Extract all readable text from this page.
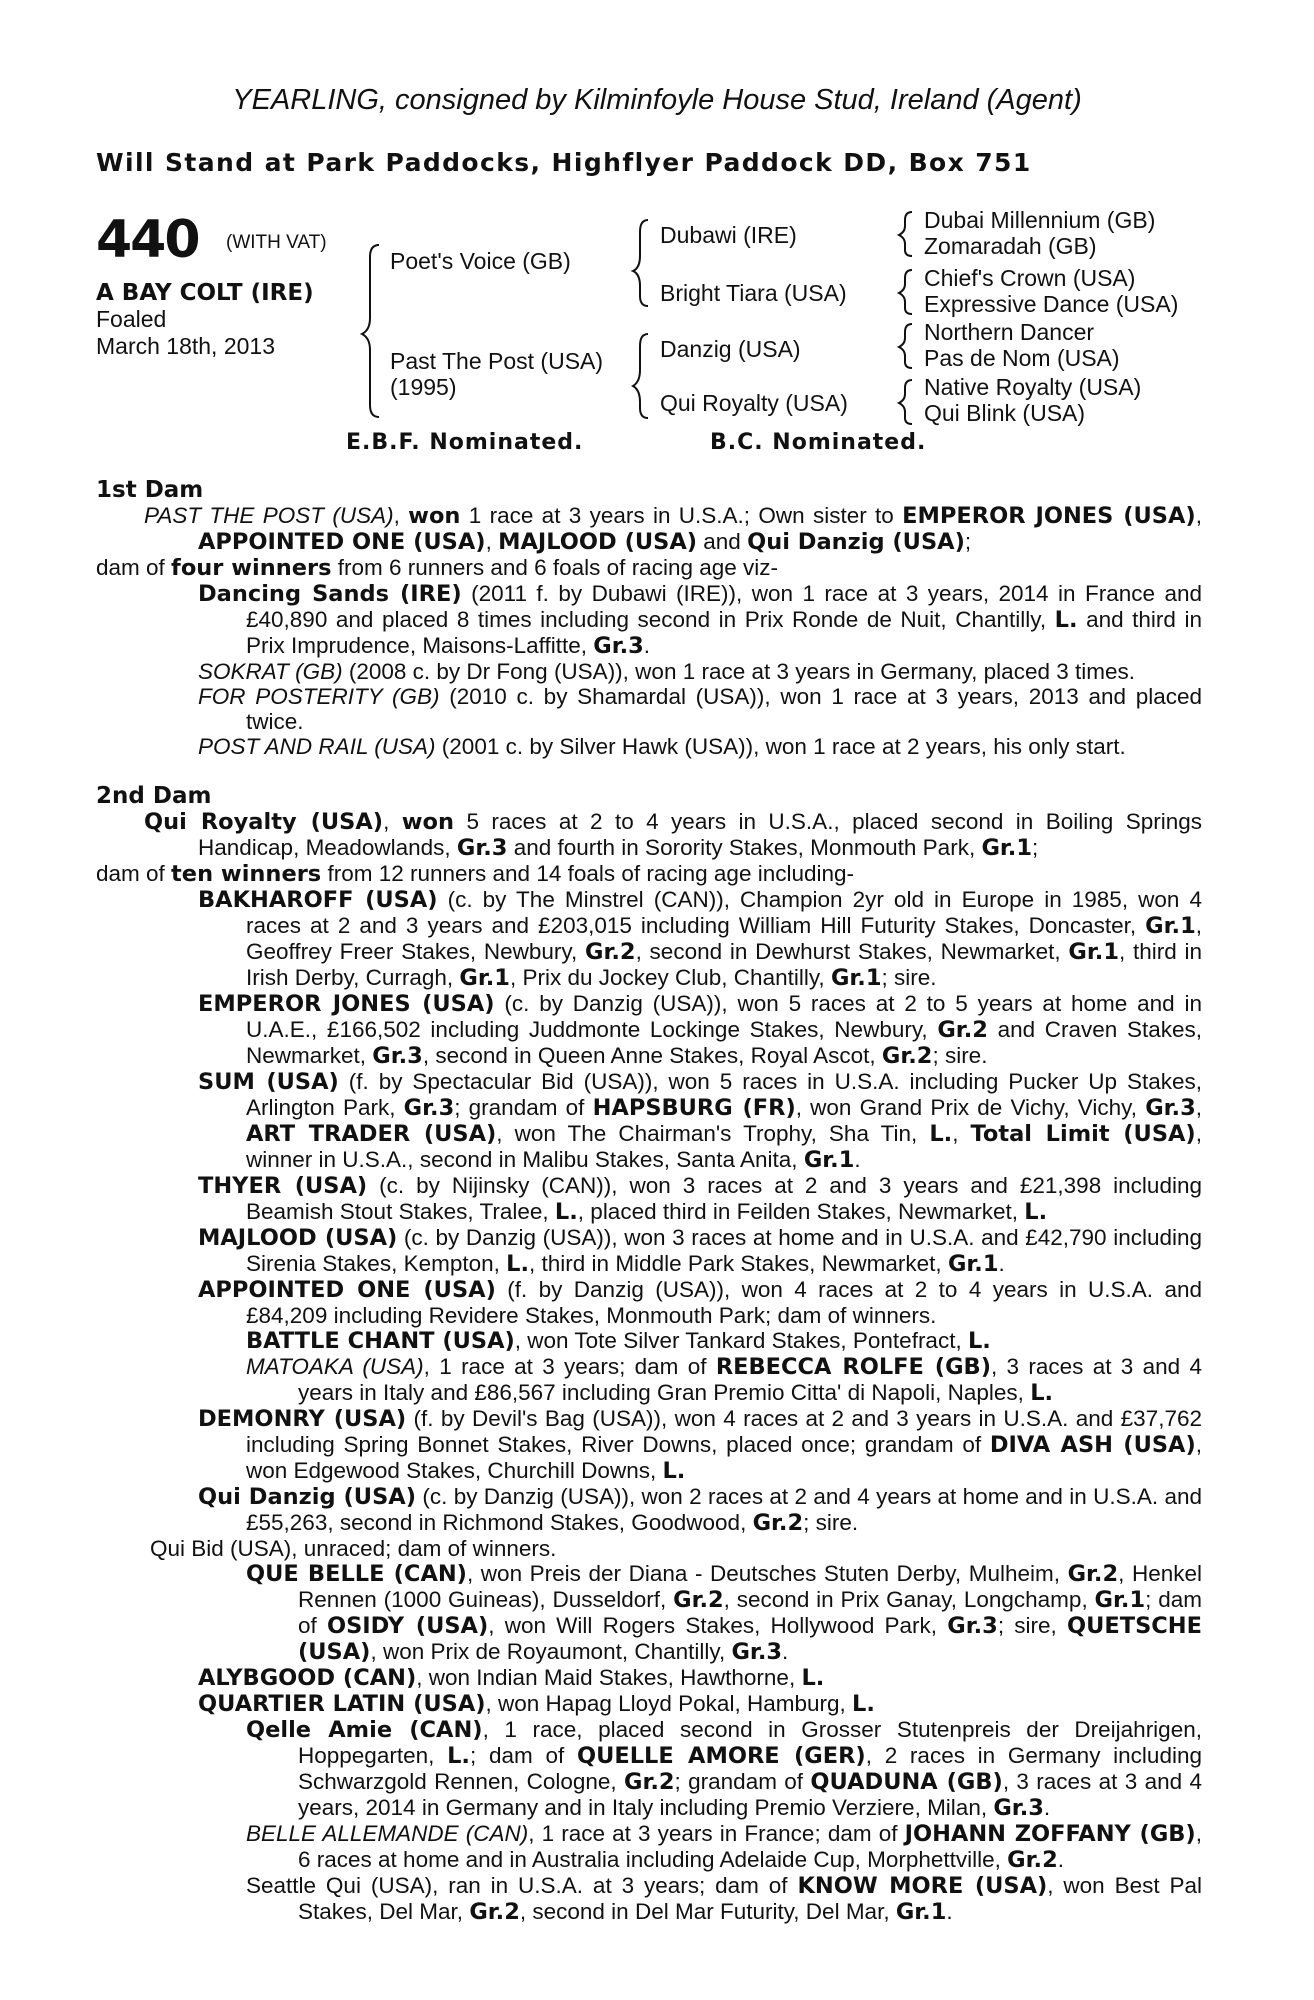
YEARLING, consigned by Kilminfoyle House Stud, Ireland (Agent)
Will Stand at Park Paddocks, Highflyer Paddock DD, Box 751
440 (WITH VAT)
A BAY COLT (IRE)
Foaled
March 18th, 2013
Poet's Voice (GB)
Past The Post (USA)
(1995)
Dubawi (IRE)
Bright Tiara (USA)
Danzig (USA)
Qui Royalty (USA)
Dubai Millennium (GB)
Zomaradah (GB)
Chief's Crown (USA)
Expressive Dance (USA)
Northern Dancer
Pas de Nom (USA)
Native Royalty (USA)
Qui Blink (USA)
E.B.F. Nominated.	B.C. Nominated.

1st Dam

PAST THE POST (USA), won 1 race at 3 years in U.S.A.; Own sister to EMPEROR JONES (USA), APPOINTED ONE (USA), MAJLOOD (USA) and Qui Danzig (USA);

dam of four winners from 6 runners and 6 foals of racing age viz-

Dancing Sands (IRE) (2011 f. by Dubawi (IRE)), won 1 race at 3 years, 2014 in France and £40,890 and placed 8 times including second in Prix Ronde de Nuit, Chantilly, L. and third in Prix Imprudence, Maisons-Laffitte, Gr.3.

SOKRAT (GB) (2008 c. by Dr Fong (USA)), won 1 race at 3 years in Germany, placed 3 times.

FOR POSTERITY (GB) (2010 c. by Shamardal (USA)), won 1 race at 3 years, 2013 and placed twice.

POST AND RAIL (USA) (2001 c. by Silver Hawk (USA)), won 1 race at 2 years, his only start.

2nd Dam

Qui Royalty (USA), won 5 races at 2 to 4 years in U.S.A., placed second in Boiling Springs Handicap, Meadowlands, Gr.3 and fourth in Sorority Stakes, Monmouth Park, Gr.1;

dam of ten winners from 12 runners and 14 foals of racing age including-

BAKHAROFF (USA) (c. by The Minstrel (CAN)), Champion 2yr old in Europe in 1985, won 4 races at 2 and 3 years and £203,015 including William Hill Futurity Stakes, Doncaster, Gr.1, Geoffrey Freer Stakes, Newbury, Gr.2, second in Dewhurst Stakes, Newmarket, Gr.1, third in Irish Derby, Curragh, Gr.1, Prix du Jockey Club, Chantilly, Gr.1; sire.

EMPEROR JONES (USA) (c. by Danzig (USA)), won 5 races at 2 to 5 years at home and in U.A.E., £166,502 including Juddmonte Lockinge Stakes, Newbury, Gr.2 and Craven Stakes, Newmarket, Gr.3, second in Queen Anne Stakes, Royal Ascot, Gr.2; sire.

SUM (USA) (f. by Spectacular Bid (USA)), won 5 races in U.S.A. including Pucker Up Stakes, Arlington Park, Gr.3; grandam of HAPSBURG (FR), won Grand Prix de Vichy, Vichy, Gr.3, ART TRADER (USA), won The Chairman's Trophy, Sha Tin, L., Total Limit (USA), winner in U.S.A., second in Malibu Stakes, Santa Anita, Gr.1.

THYER (USA) (c. by Nijinsky (CAN)), won 3 races at 2 and 3 years and £21,398 including Beamish Stout Stakes, Tralee, L., placed third in Feilden Stakes, Newmarket, L.

MAJLOOD (USA) (c. by Danzig (USA)), won 3 races at home and in U.S.A. and £42,790 including Sirenia Stakes, Kempton, L., third in Middle Park Stakes, Newmarket, Gr.1.

APPOINTED ONE (USA) (f. by Danzig (USA)), won 4 races at 2 to 4 years in U.S.A. and £84,209 including Revidere Stakes, Monmouth Park; dam of winners.

BATTLE CHANT (USA), won Tote Silver Tankard Stakes, Pontefract, L.

MATOAKA (USA), 1 race at 3 years; dam of REBECCA ROLFE (GB), 3 races at 3 and 4 years in Italy and £86,567 including Gran Premio Citta' di Napoli, Naples, L.

DEMONRY (USA) (f. by Devil's Bag (USA)), won 4 races at 2 and 3 years in U.S.A. and £37,762 including Spring Bonnet Stakes, River Downs, placed once; grandam of DIVA ASH (USA), won Edgewood Stakes, Churchill Downs, L.

Qui Danzig (USA) (c. by Danzig (USA)), won 2 races at 2 and 4 years at home and in U.S.A. and £55,263, second in Richmond Stakes, Goodwood, Gr.2; sire.

Qui Bid (USA), unraced; dam of winners.

QUE BELLE (CAN), won Preis der Diana - Deutsches Stuten Derby, Mulheim, Gr.2, Henkel Rennen (1000 Guineas), Dusseldorf, Gr.2, second in Prix Ganay, Longchamp, Gr.1; dam of OSIDY (USA), won Will Rogers Stakes, Hollywood Park, Gr.3; sire, QUETSCHE (USA), won Prix de Royaumont, Chantilly, Gr.3.

ALYBGOOD (CAN), won Indian Maid Stakes, Hawthorne, L.

QUARTIER LATIN (USA), won Hapag Lloyd Pokal, Hamburg, L.

Qelle Amie (CAN), 1 race, placed second in Grosser Stutenpreis der Dreijahrigen, Hoppegarten, L.; dam of QUELLE AMORE (GER), 2 races in Germany including Schwarzgold Rennen, Cologne, Gr.2; grandam of QUADUNA (GB), 3 races at 3 and 4 years, 2014 in Germany and in Italy including Premio Verziere, Milan, Gr.3.

BELLE ALLEMANDE (CAN), 1 race at 3 years in France; dam of JOHANN ZOFFANY (GB), 6 races at home and in Australia including Adelaide Cup, Morphettville, Gr.2.

Seattle Qui (USA), ran in U.S.A. at 3 years; dam of KNOW MORE (USA), won Best Pal Stakes, Del Mar, Gr.2, second in Del Mar Futurity, Del Mar, Gr.1.
